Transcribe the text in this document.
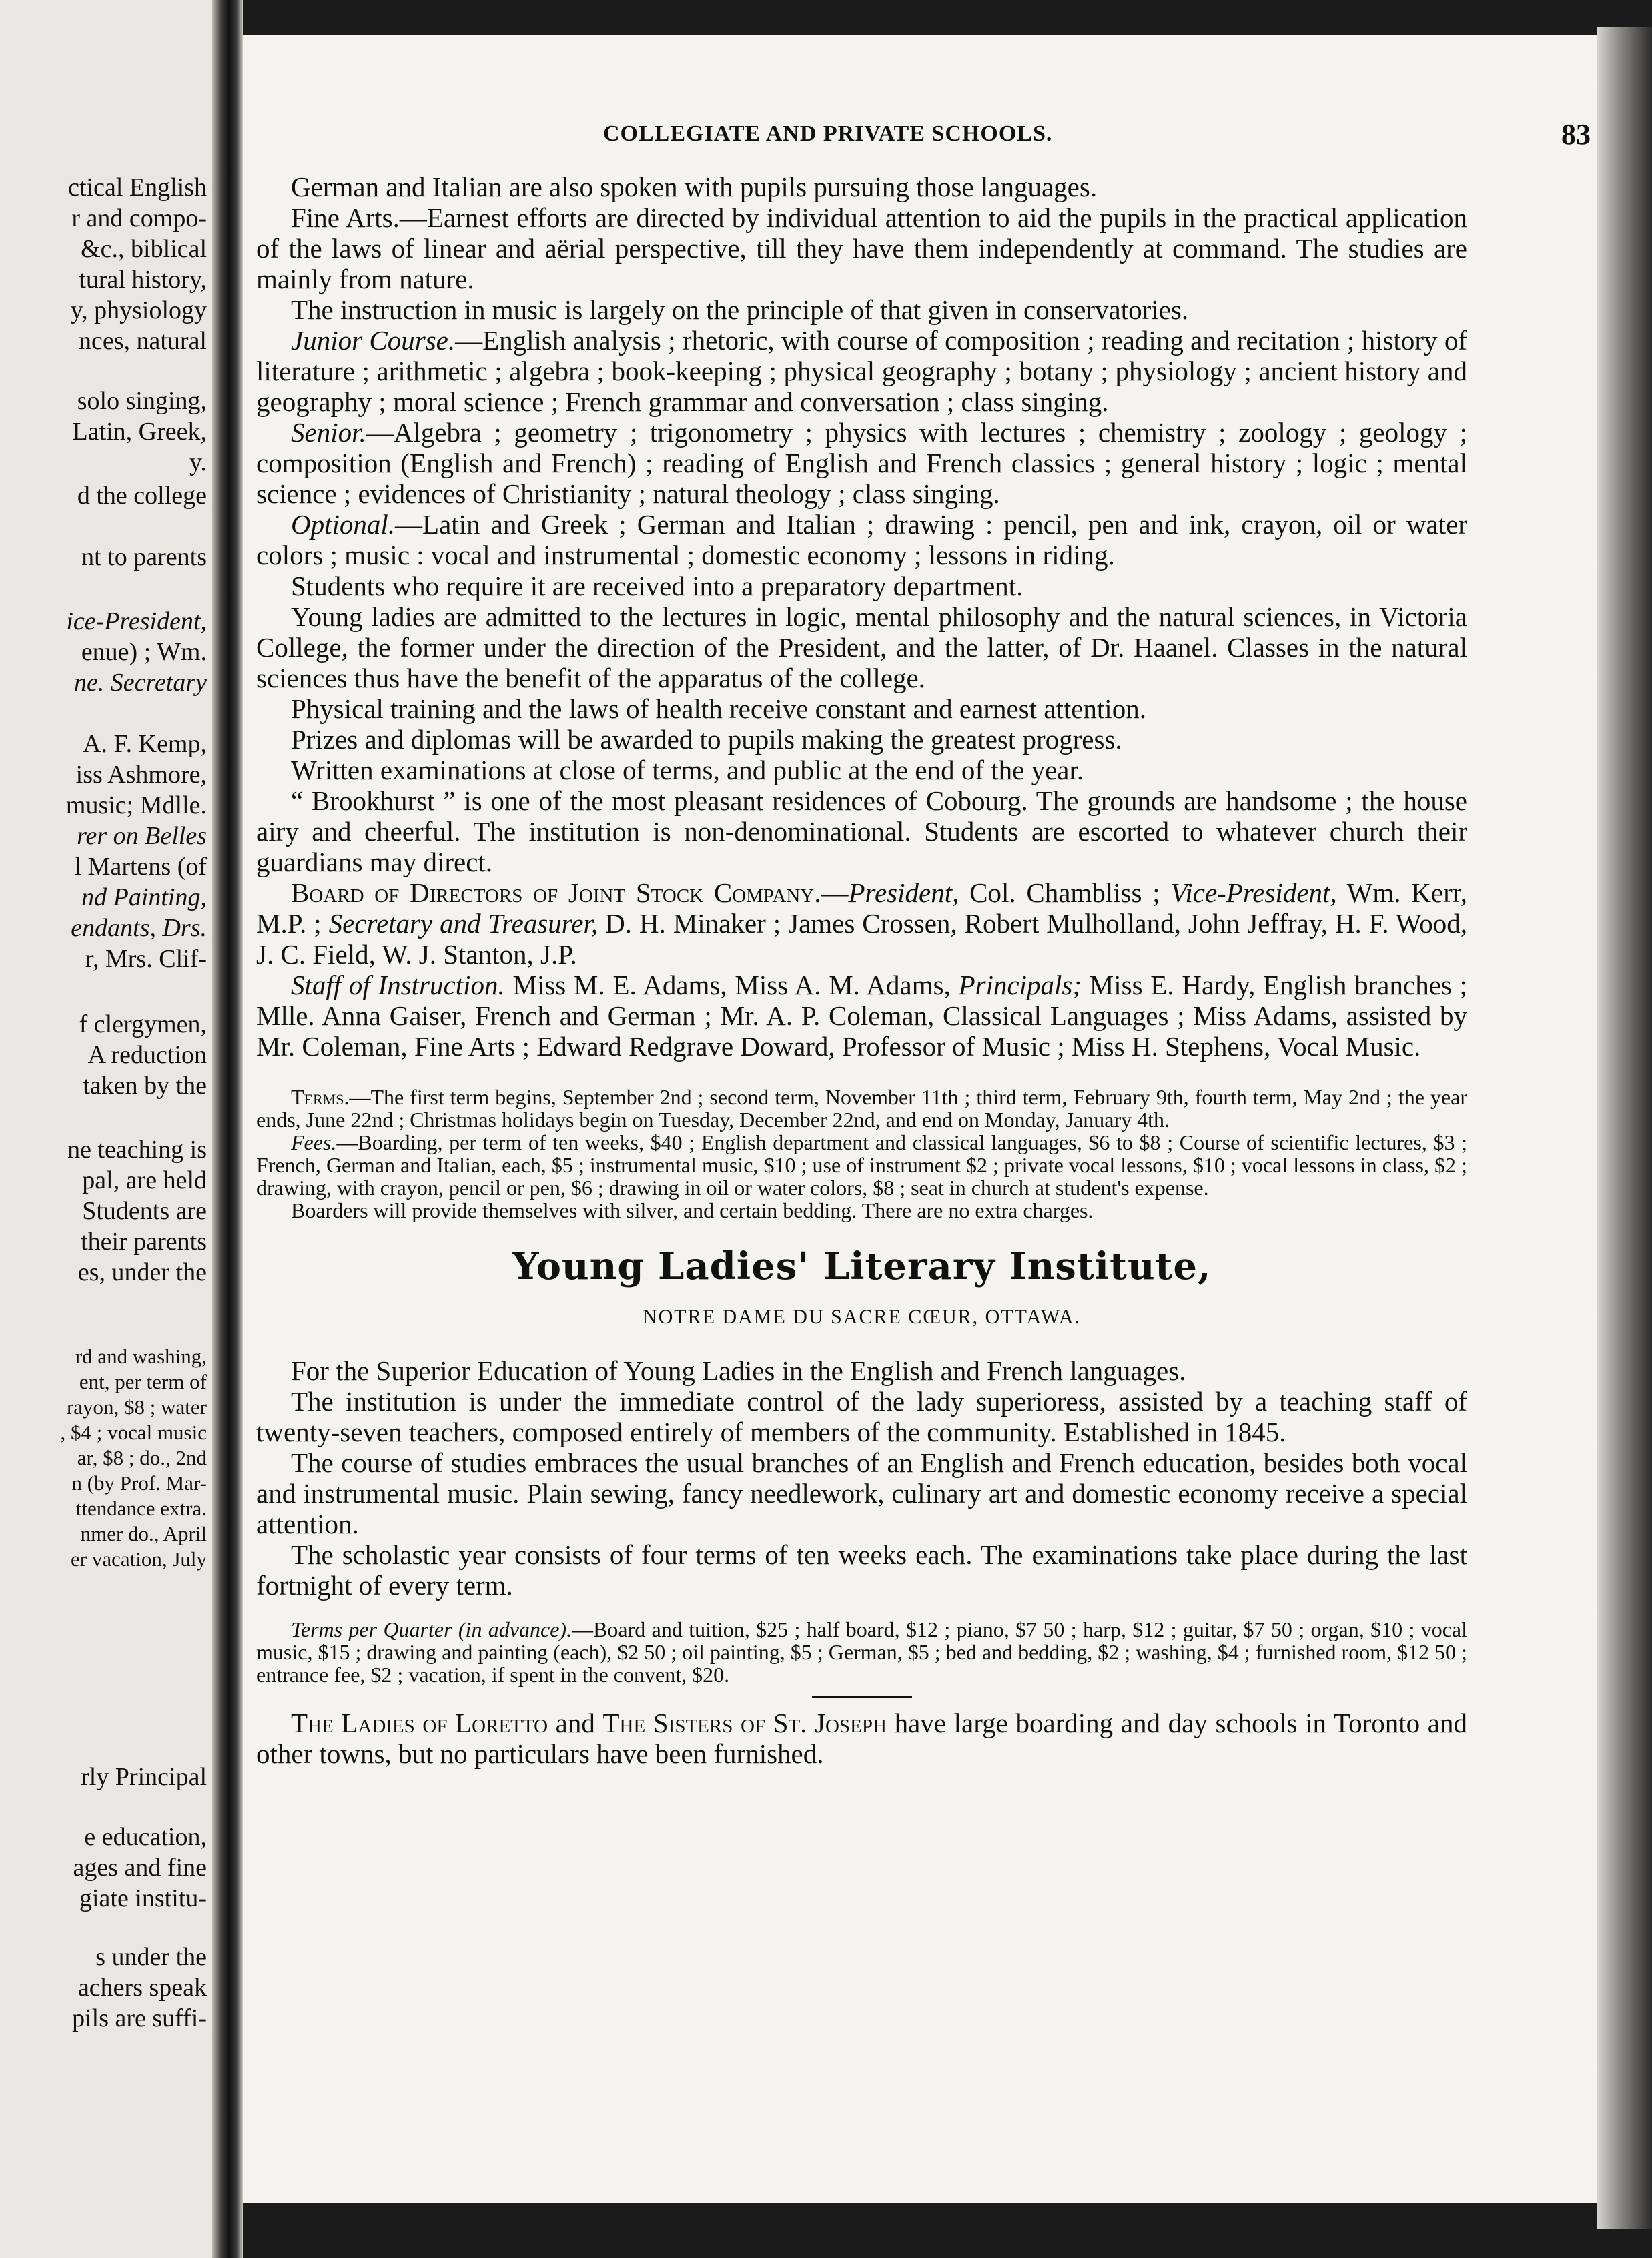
ctical English
r and compo-
&c., biblical
tural history,
y, physiology
nces, natural
solo singing,
Latin, Greek,
y.
d the college
nt to parents
ice-President,
enue) ; Wm.
ne. Secretary
A. F. Kemp,
iss Ashmore,
music; Mdlle.
rer on Belles
l Martens (of
nd Painting,
endants, Drs.
r, Mrs. Clif-
f clergymen,
A reduction
taken by the
ne teaching is
pal, are held
Students are
their parents
es, under the
rd and washing,
ent, per term of
rayon, $8 ; water
, $4 ; vocal music
ar, $8 ; do., 2nd
n (by Prof. Mar-
ttendance extra.
nmer do., April
er vacation, July
rly Principal
e education,
ages and fine
giate institu-
s under the
achers speak
pils are suffi-
COLLEGIATE AND PRIVATE SCHOOLS.	83

German and Italian are also spoken with pupils pursuing those languages.

Fine Arts.—Earnest efforts are directed by individual attention to aid the pupils in the practical application of the laws of linear and aërial perspective, till they have them independently at command. The studies are mainly from nature.

The instruction in music is largely on the principle of that given in conservatories.

Junior Course.—English analysis ; rhetoric, with course of composition ; reading and recitation ; history of literature ; arithmetic ; algebra ; book-keeping ; physical geography ; botany ; physiology ; ancient history and geography ; moral science ; French grammar and conversation ; class singing.

Senior.—Algebra ; geometry ; trigonometry ; physics with lectures ; chemistry ; zoology ; geology ; composition (English and French) ; reading of English and French classics ; general history ; logic ; mental science ; evidences of Christianity ; natural theology ; class singing.

Optional.—Latin and Greek ; German and Italian ; drawing : pencil, pen and ink, crayon, oil or water colors ; music : vocal and instrumental ; domestic economy ; lessons in riding.

Students who require it are received into a preparatory department.

Young ladies are admitted to the lectures in logic, mental philosophy and the natural sciences, in Victoria College, the former under the direction of the President, and the latter, of Dr. Haanel. Classes in the natural sciences thus have the benefit of the apparatus of the college.

Physical training and the laws of health receive constant and earnest attention.

Prizes and diplomas will be awarded to pupils making the greatest progress.

Written examinations at close of terms, and public at the end of the year.

“ Brookhurst ” is one of the most pleasant residences of Cobourg. The grounds are handsome ; the house airy and cheerful. The institution is non-denominational. Students are escorted to whatever church their guardians may direct.

Board of Directors of Joint Stock Company.—President, Col. Chambliss ; Vice-President, Wm. Kerr, M.P. ; Secretary and Treasurer, D. H. Minaker ; James Crossen, Robert Mulholland, John Jeffray, H. F. Wood, J. C. Field, W. J. Stanton, J.P.

Staff of Instruction. Miss M. E. Adams, Miss A. M. Adams, Principals; Miss E. Hardy, English branches ; Mlle. Anna Gaiser, French and German ; Mr. A. P. Coleman, Classical Languages ; Miss Adams, assisted by Mr. Coleman, Fine Arts ; Edward Redgrave Doward, Professor of Music ; Miss H. Stephens, Vocal Music.

Terms.—The first term begins, September 2nd ; second term, November 11th ; third term, February 9th, fourth term, May 2nd ; the year ends, June 22nd ; Christmas holidays begin on Tuesday, December 22nd, and end on Monday, January 4th.

Fees.—Boarding, per term of ten weeks, $40 ; English department and classical languages, $6 to $8 ; Course of scientific lectures, $3 ; French, German and Italian, each, $5 ; instrumental music, $10 ; use of instrument $2 ; private vocal lessons, $10 ; vocal lessons in class, $2 ; drawing, with crayon, pencil or pen, $6 ; drawing in oil or water colors, $8 ; seat in church at student's expense.

Boarders will provide themselves with silver, and certain bedding. There are no extra charges.

Young Ladies' Literary Institute,
NOTRE DAME DU SACRE CŒUR, OTTAWA.

For the Superior Education of Young Ladies in the English and French languages.

The institution is under the immediate control of the lady superioress, assisted by a teaching staff of twenty-seven teachers, composed entirely of members of the community. Established in 1845.

The course of studies embraces the usual branches of an English and French education, besides both vocal and instrumental music. Plain sewing, fancy needlework, culinary art and domestic economy receive a special attention.

The scholastic year consists of four terms of ten weeks each. The examinations take place during the last fortnight of every term.

Terms per Quarter (in advance).—Board and tuition, $25 ; half board, $12 ; piano, $7 50 ; harp, $12 ; guitar, $7 50 ; organ, $10 ; vocal music, $15 ; drawing and painting (each), $2 50 ; oil painting, $5 ; German, $5 ; bed and bedding, $2 ; washing, $4 ; furnished room, $12 50 ; entrance fee, $2 ; vacation, if spent in the convent, $20.

The Ladies of Loretto and The Sisters of St. Joseph have large boarding and day schools in Toronto and other towns, but no particulars have been furnished.
